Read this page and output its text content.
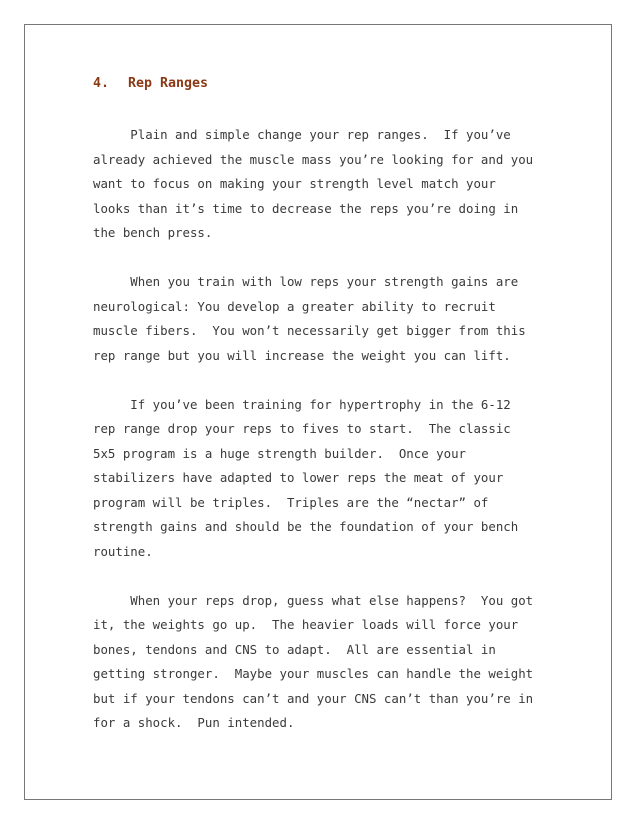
4. Rep Ranges

Plain and simple change your rep ranges.  If you’ve
already achieved the muscle mass you’re looking for and you
want to focus on making your strength level match your
looks than it’s time to decrease the reps you’re doing in
the bench press.

When you train with low reps your strength gains are
neurological: You develop a greater ability to recruit
muscle fibers.  You won’t necessarily get bigger from this
rep range but you will increase the weight you can lift.

If you’ve been training for hypertrophy in the 6-12
rep range drop your reps to fives to start.  The classic
5x5 program is a huge strength builder.  Once your
stabilizers have adapted to lower reps the meat of your
program will be triples.  Triples are the “nectar” of
strength gains and should be the foundation of your bench
routine.

When your reps drop, guess what else happens?  You got
it, the weights go up.  The heavier loads will force your
bones, tendons and CNS to adapt.  All are essential in
getting stronger.  Maybe your muscles can handle the weight
but if your tendons can’t and your CNS can’t than you’re in
for a shock.  Pun intended.
